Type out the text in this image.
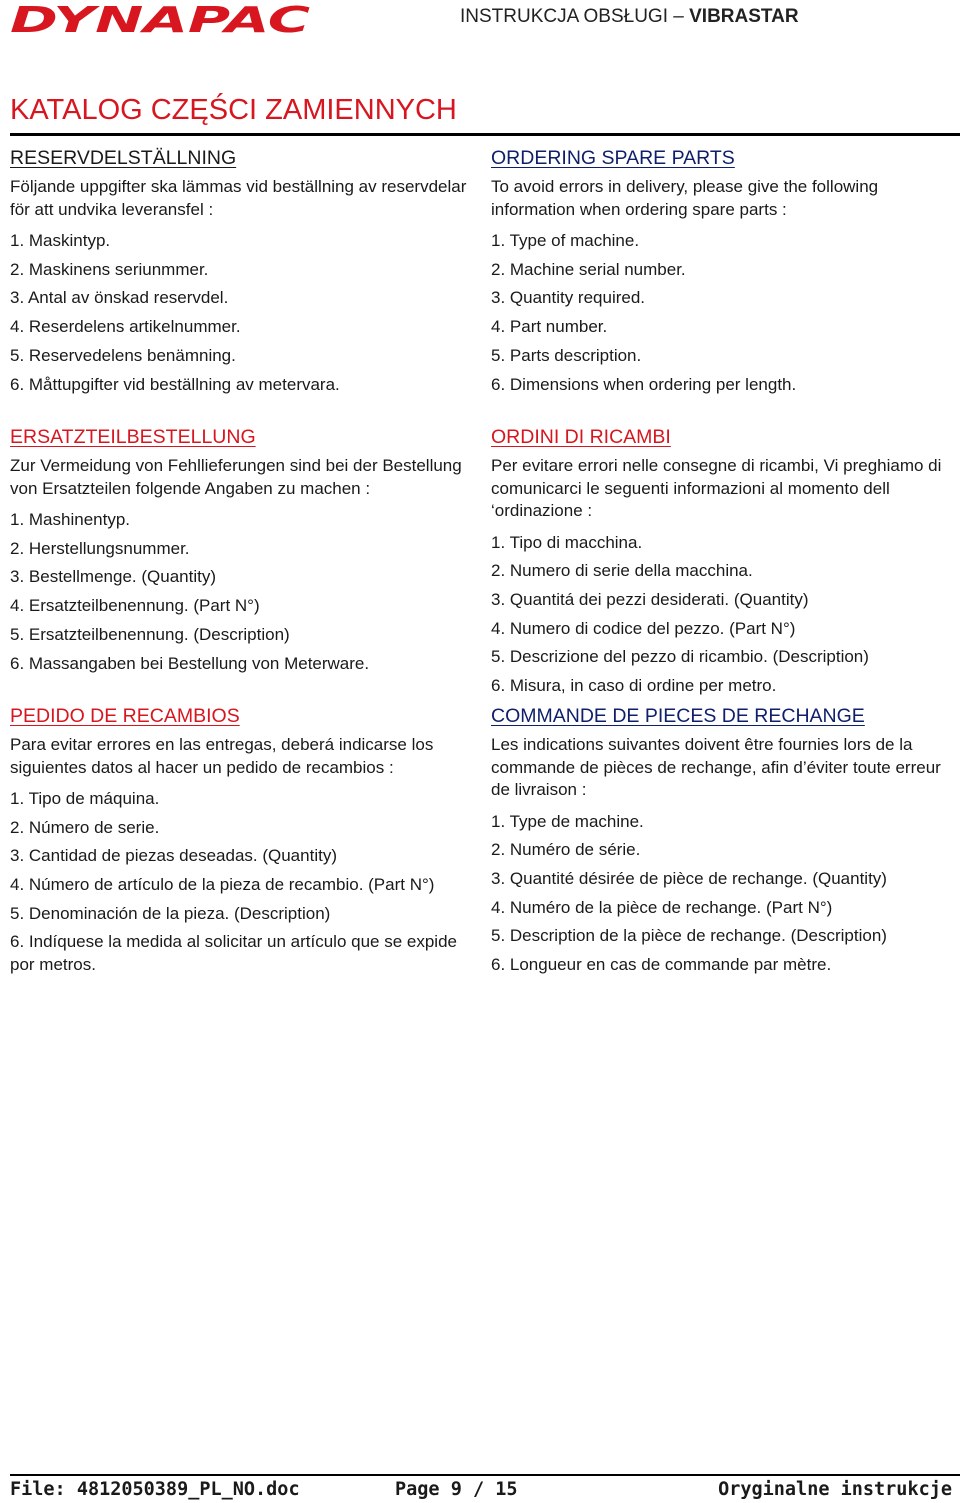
DYNAPAC	INSTRUKCJA OBSŁUGI – VIBRASTAR
KATALOG CZĘŚCI ZAMIENNYCH
RESERVDELSTÄLLNING

Följande uppgifter ska lämmas vid beställning av reservdelar för att undvika leveransfel :

1. Maskintyp.
2. Maskinens seriunmmer.
3. Antal av önskad reservdel.
4. Reserdelens artikelnummer.
5. Reservedelens benämning.
6. Måttupgifter vid beställning av metervara.
ORDERING SPARE PARTS

To avoid errors in delivery, please give the following information when ordering spare parts :

1. Type of machine.
2. Machine serial number.
3. Quantity required.
4. Part number.
5. Parts description.
6. Dimensions when ordering per length.
ERSATZTEILBESTELLUNG

Zur Vermeidung von Fehllieferungen sind bei der Bestellung von Ersatzteilen folgende Angaben zu machen :

1. Mashinentyp.
2. Herstellungsnummer.
3. Bestellmenge. (Quantity)
4. Ersatzteilbenennung. (Part N°)
5. Ersatzteilbenennung. (Description)
6. Massangaben bei Bestellung von Meterware.
ORDINI DI RICAMBI

Per evitare errori nelle consegne di ricambi, Vi preghiamo di comunicarci le seguenti informazioni al momento dell ‘ordinazione :

1. Tipo di macchina.
2. Numero di serie della macchina.
3. Quantitá dei pezzi desiderati. (Quantity)
4. Numero di codice del pezzo. (Part N°)
5. Descrizione del pezzo di ricambio. (Description)
6. Misura, in caso di ordine per metro.
PEDIDO DE RECAMBIOS

Para evitar errores en las entregas, deberá indicarse los siguientes datos al hacer un pedido de recambios :

1. Tipo de máquina.
2. Número de serie.
3. Cantidad de piezas deseadas. (Quantity)
4. Número de artículo de la pieza de recambio. (Part N°)
5. Denominación de la pieza. (Description)
6. Indíquese la medida al solicitar un artículo que se expide por metros.
COMMANDE DE PIECES DE RECHANGE

Les indications suivantes doivent être fournies lors de la commande de pièces de rechange, afin d’éviter toute erreur de livraison :

1. Type de machine.
2. Numéro de série.
3. Quantité désirée de pièce de rechange. (Quantity)
4. Numéro de la pièce de rechange. (Part N°)
5. Description de la pièce de rechange. (Description)
6. Longueur en cas de commande par mètre.
File: 4812050389_PL_NO.doc	Page 9 / 15	Oryginalne instrukcje
